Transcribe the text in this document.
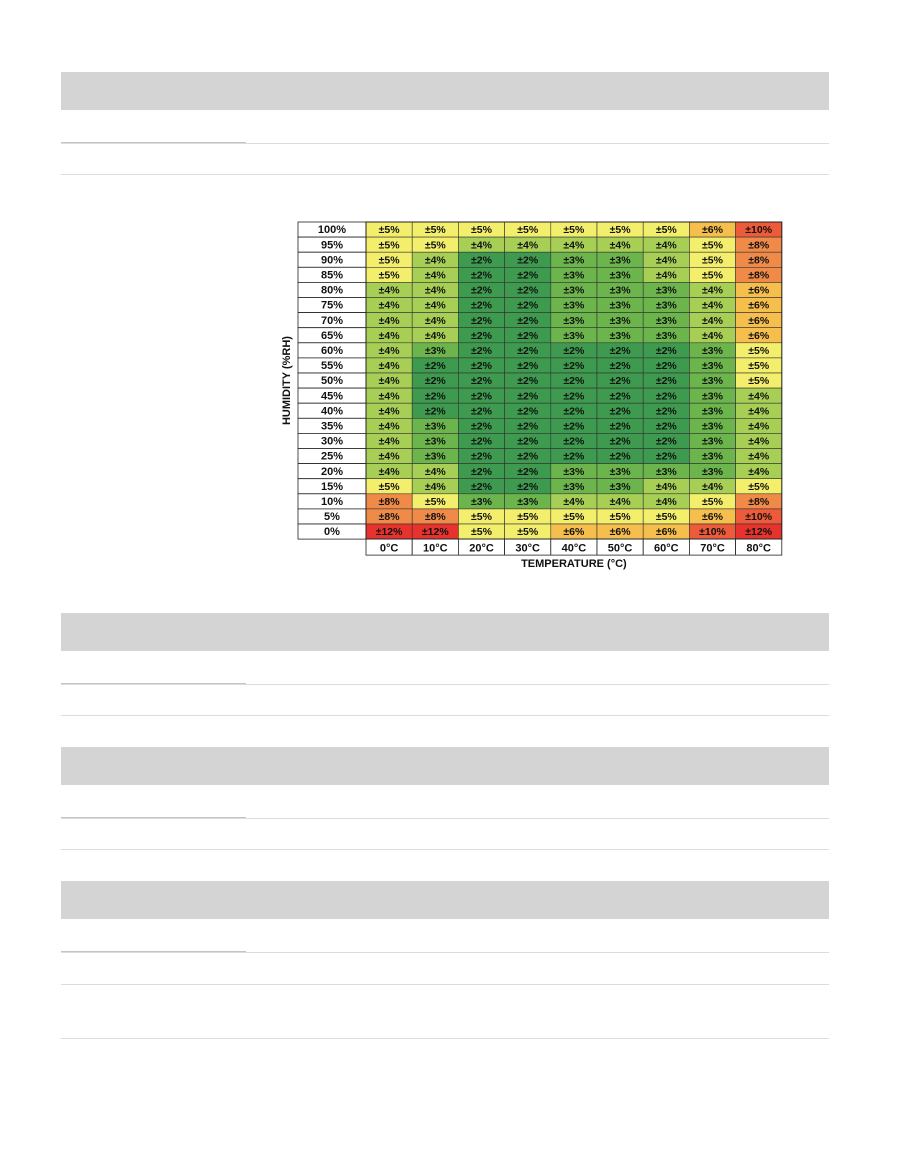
100%
95%
90%
85%
80%
75%
70%
65%
60%
55%
50%
45%
40%
35%
30%
25%
20%
15%
10%
5%
0%
±5% ±5% ±5% ±5% ±5% ±5% ±5% ±6% ±10%
±5% ±5% ±4% ±4% ±4% ±4% ±4% ±5% ±8%
±5% ±4% ±2% ±2% ±3% ±3% ±4% ±5% ±8%
±5% ±4% ±2% ±2% ±3% ±3% ±4% ±5% ±8%
±4% ±4% ±2% ±2% ±3% ±3% ±3% ±4% ±6%
±4% ±4% ±2% ±2% ±3% ±3% ±3% ±4% ±6%
±4% ±4% ±2% ±2% ±3% ±3% ±3% ±4% ±6%
±4% ±4% ±2% ±2% ±3% ±3% ±3% ±4% ±6%
±4% ±3% ±2% ±2% ±2% ±2% ±2% ±3% ±5%
±4% ±2% ±2% ±2% ±2% ±2% ±2% ±3% ±5%
±4% ±2% ±2% ±2% ±2% ±2% ±2% ±3% ±5%
±4% ±2% ±2% ±2% ±2% ±2% ±2% ±3% ±4%
±4% ±2% ±2% ±2% ±2% ±2% ±2% ±3% ±4%
±4% ±3% ±2% ±2% ±2% ±2% ±2% ±3% ±4%
±4% ±3% ±2% ±2% ±2% ±2% ±2% ±3% ±4%
±4% ±3% ±2% ±2% ±2% ±2% ±2% ±3% ±4%
±4% ±4% ±2% ±2% ±3% ±3% ±3% ±3% ±4%
±5% ±4% ±2% ±2% ±3% ±3% ±4% ±4% ±5%
±8% ±5% ±3% ±3% ±4% ±4% ±4% ±5% ±8%
±8% ±8% ±5% ±5% ±5% ±5% ±5% ±6% ±10%
±12% ±12% ±5% ±5% ±6% ±6% ±6% ±10% ±12%
0°C 10°C 20°C 30°C 40°C 50°C 60°C 70°C 80°C
TEMPERATURE (°C)
HUMIDITY (%RH)
